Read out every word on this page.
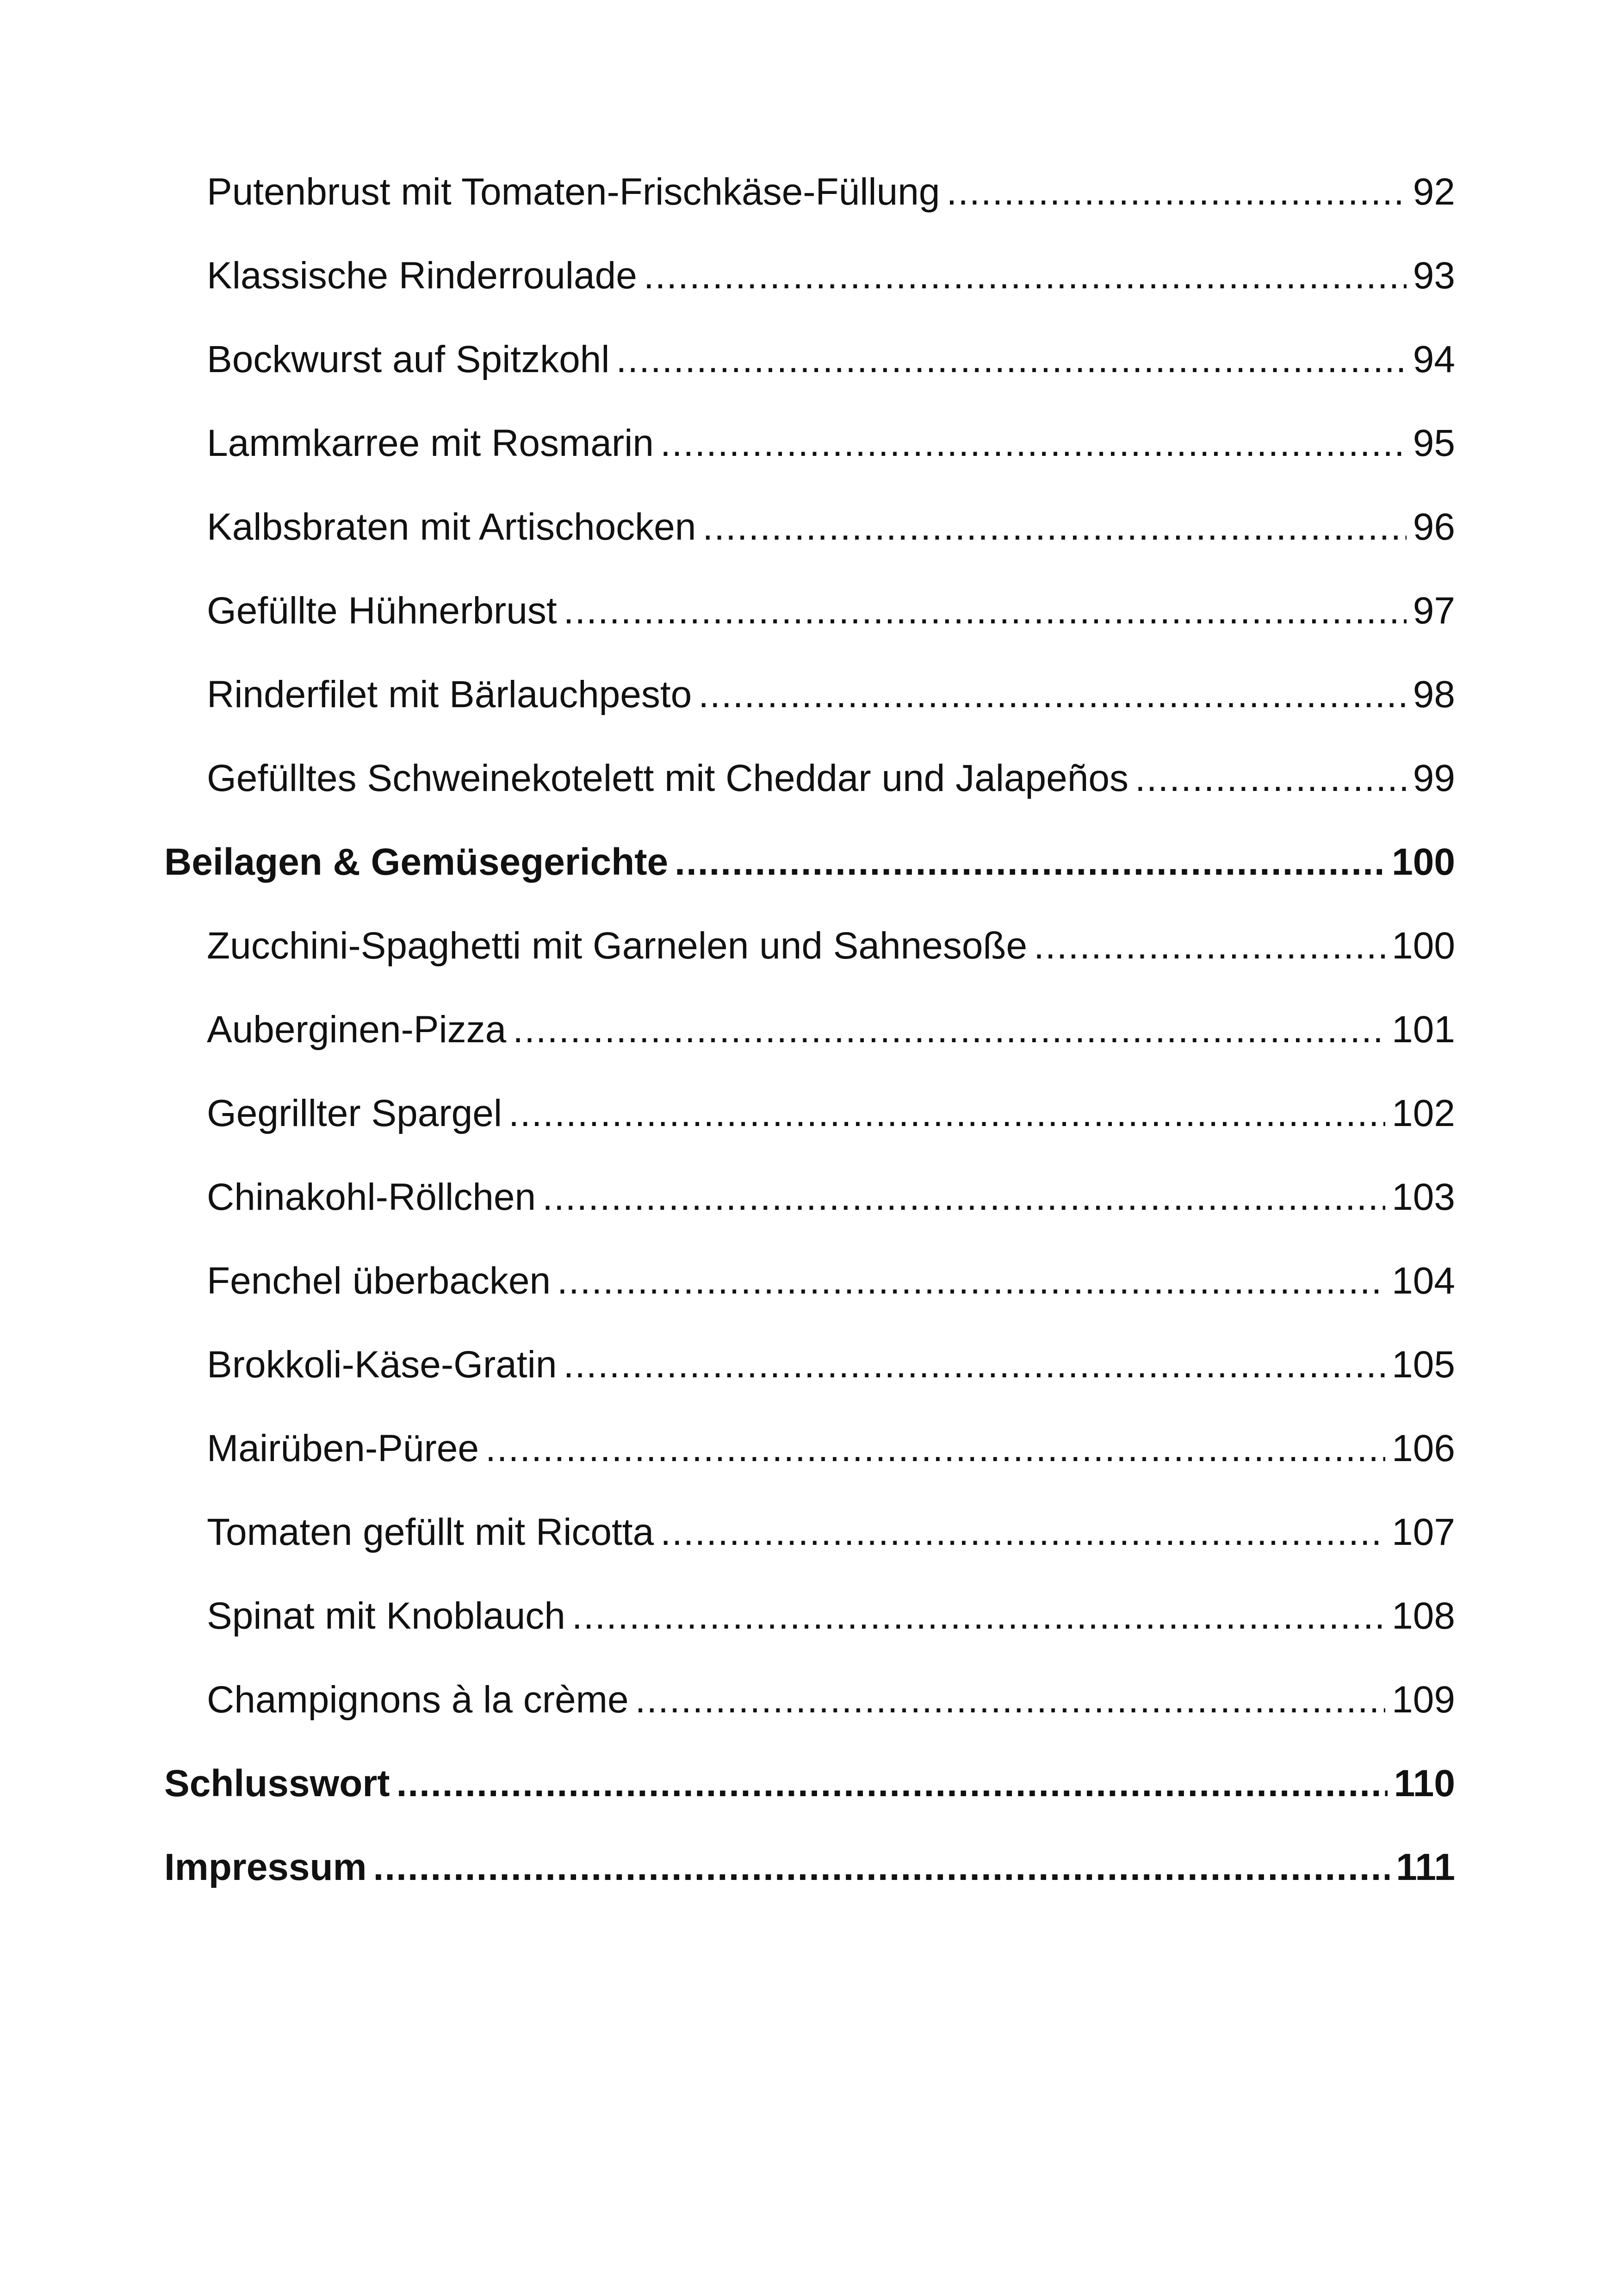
Putenbrust mit Tomaten-Frischkäse-Füllung .....	92
Klassische Rinderroulade .....	93
Bockwurst auf Spitzkohl .....	94
Lammkarree mit Rosmarin .....	95
Kalbsbraten mit Artischocken .....	96
Gefüllte Hühnerbrust .....	97
Rinderfilet mit Bärlauchpesto .....	98
Gefülltes Schweinekotelett mit Cheddar und Jalapeños .....	99
Beilagen & Gemüsegerichte .....	100
Zucchini-Spaghetti mit Garnelen und Sahnesoße .....	100
Auberginen-Pizza .....	101
Gegrillter Spargel .....	102
Chinakohl-Röllchen .....	103
Fenchel überbacken .....	104
Brokkoli-Käse-Gratin .....	105
Mairüben-Püree .....	106
Tomaten gefüllt mit Ricotta .....	107
Spinat mit Knoblauch .....	108
Champignons à la crème .....	109
Schlusswort .....	110
Impressum .....	111
